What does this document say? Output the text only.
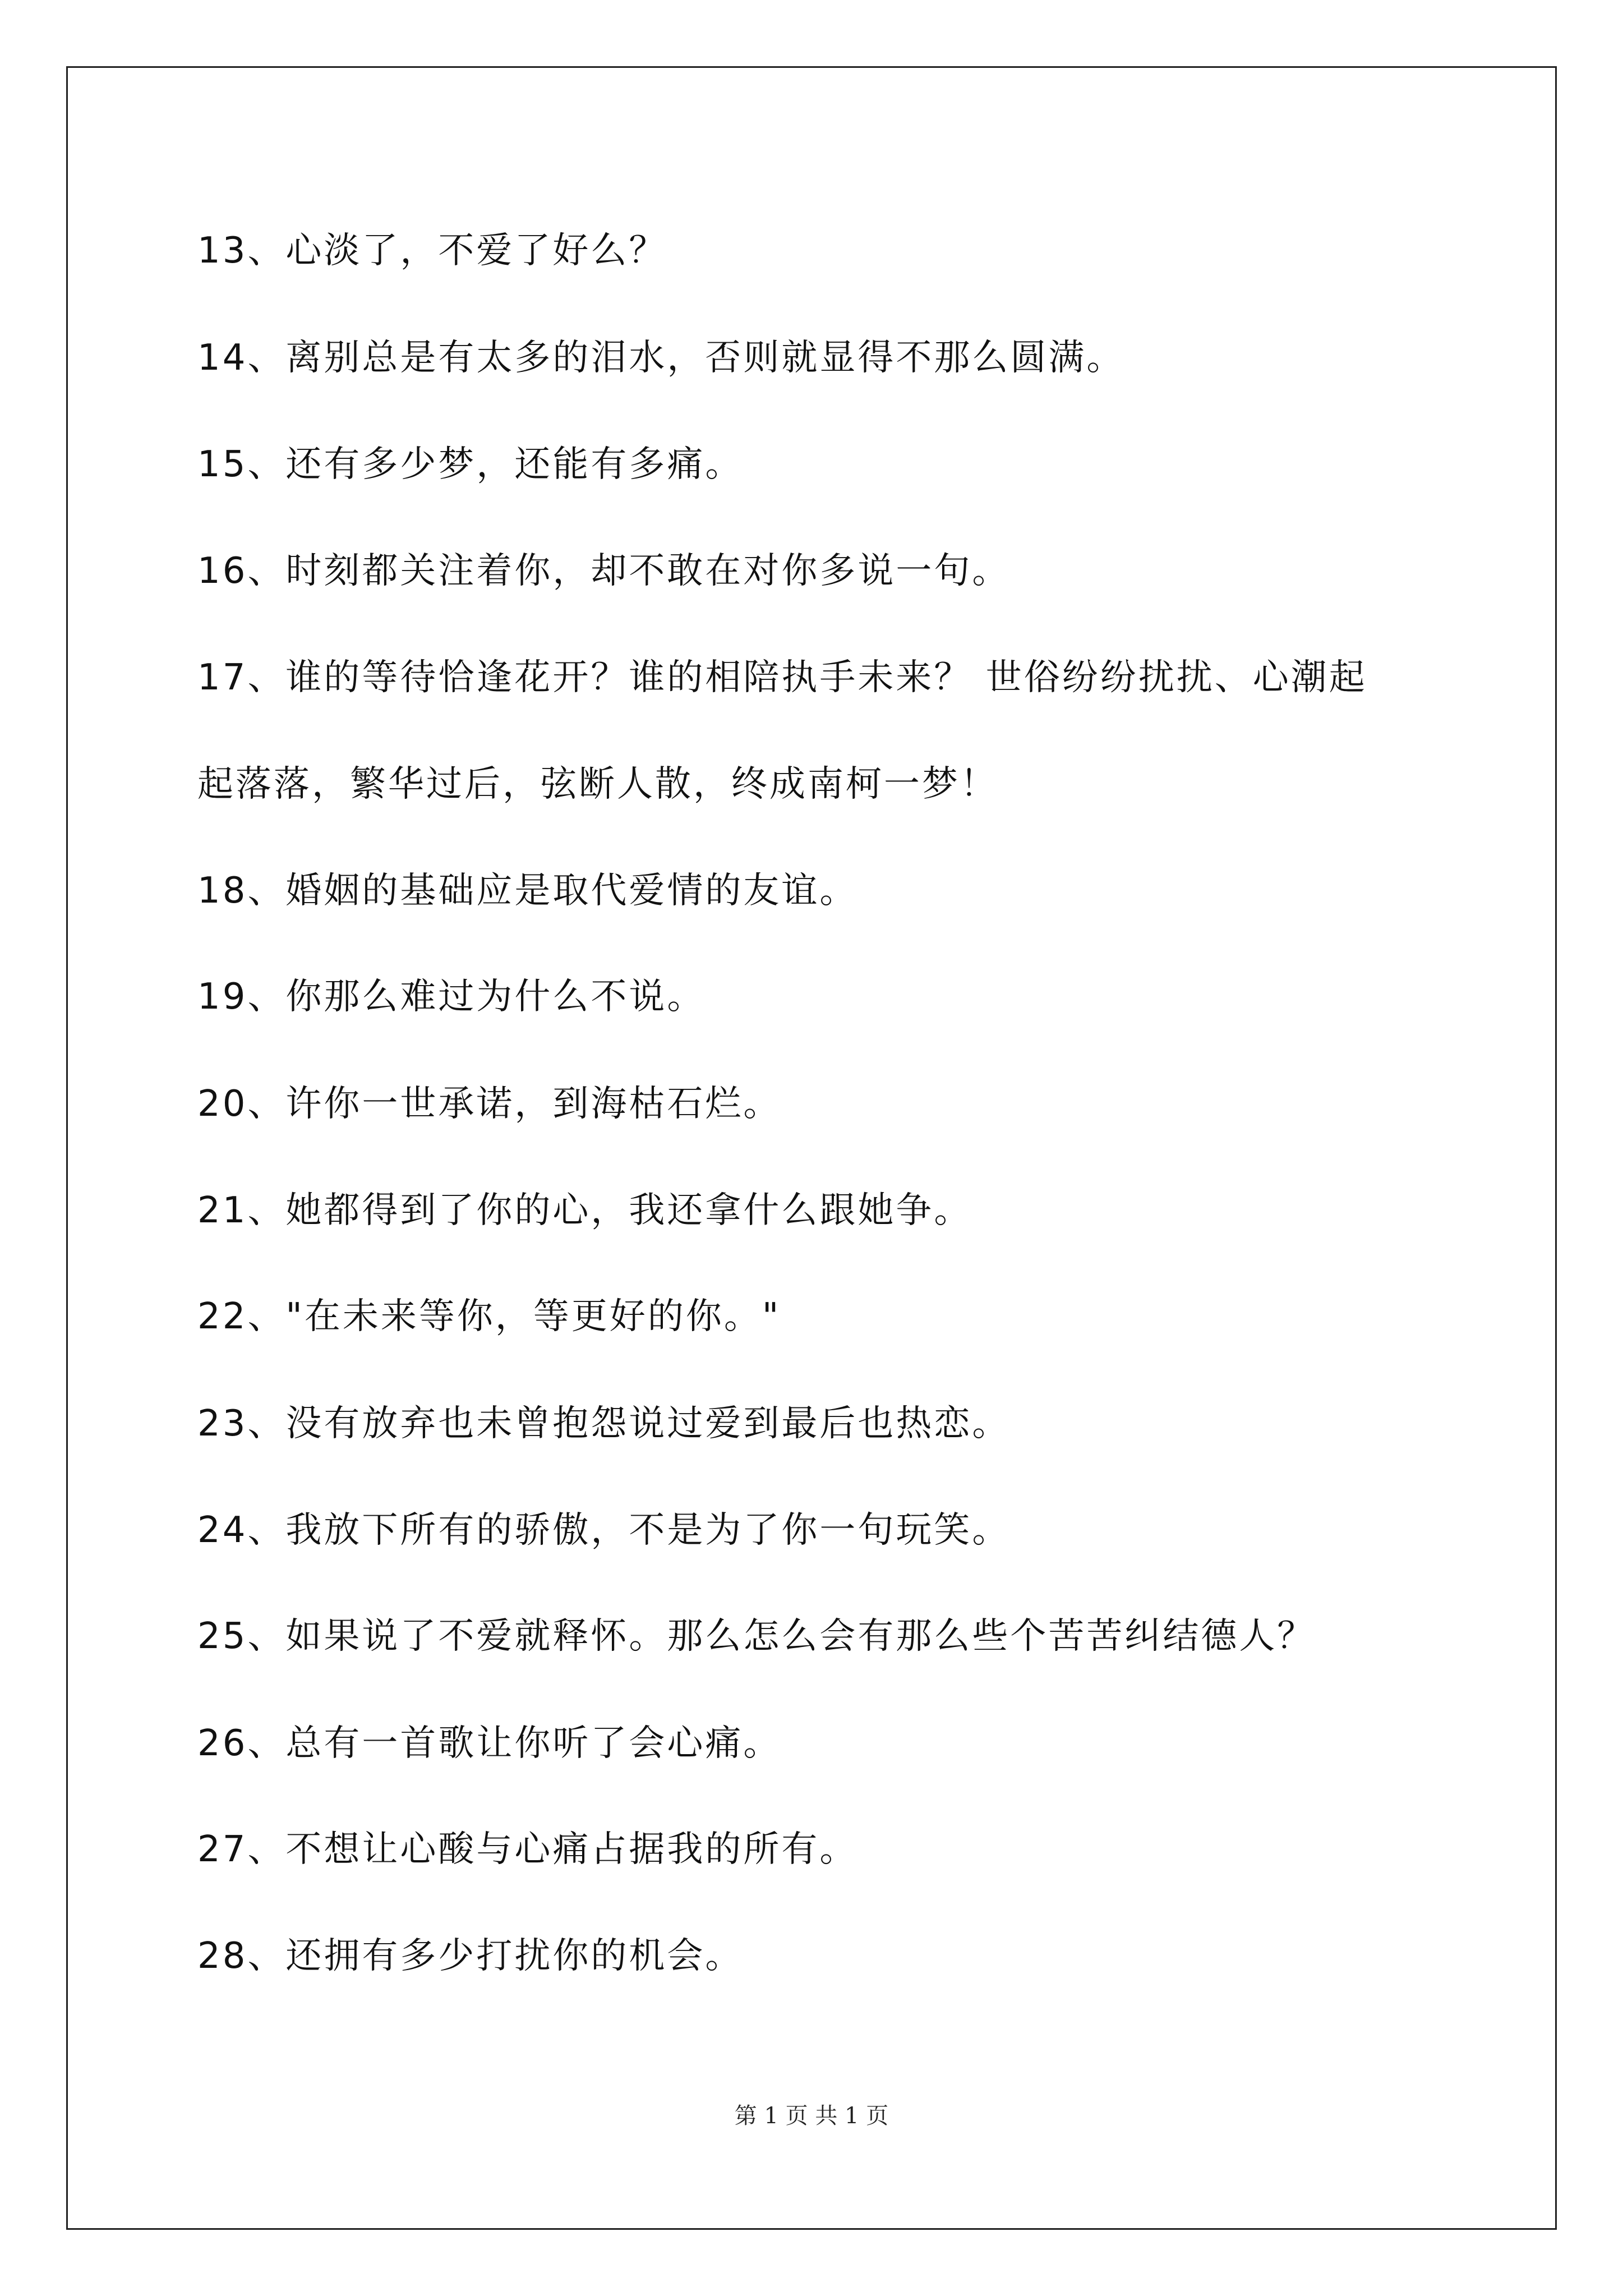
13、心淡了，不爱了好么？
14、离别总是有太多的泪水，否则就显得不那么圆满。
15、还有多少梦，还能有多痛。
16、时刻都关注着你，却不敢在对你多说一句。
17、谁的等待恰逢花开？谁的相陪执手未来？ 世俗纷纷扰扰、心潮起
起落落，繁华过后，弦断人散，终成南柯一梦！
18、婚姻的基础应是取代爱情的友谊。
19、你那么难过为什么不说。
20、许你一世承诺，到海枯石烂。
21、她都得到了你的心，我还拿什么跟她争。
22、"在未来等你，等更好的你。"
23、没有放弃也未曾抱怨说过爱到最后也热恋。
24、我放下所有的骄傲，不是为了你一句玩笑。
25、如果说了不爱就释怀。那么怎么会有那么些个苦苦纠结德人？
26、总有一首歌让你听了会心痛。
27、不想让心酸与心痛占据我的所有。
28、还拥有多少打扰你的机会。
第 1 页 共 1 页
